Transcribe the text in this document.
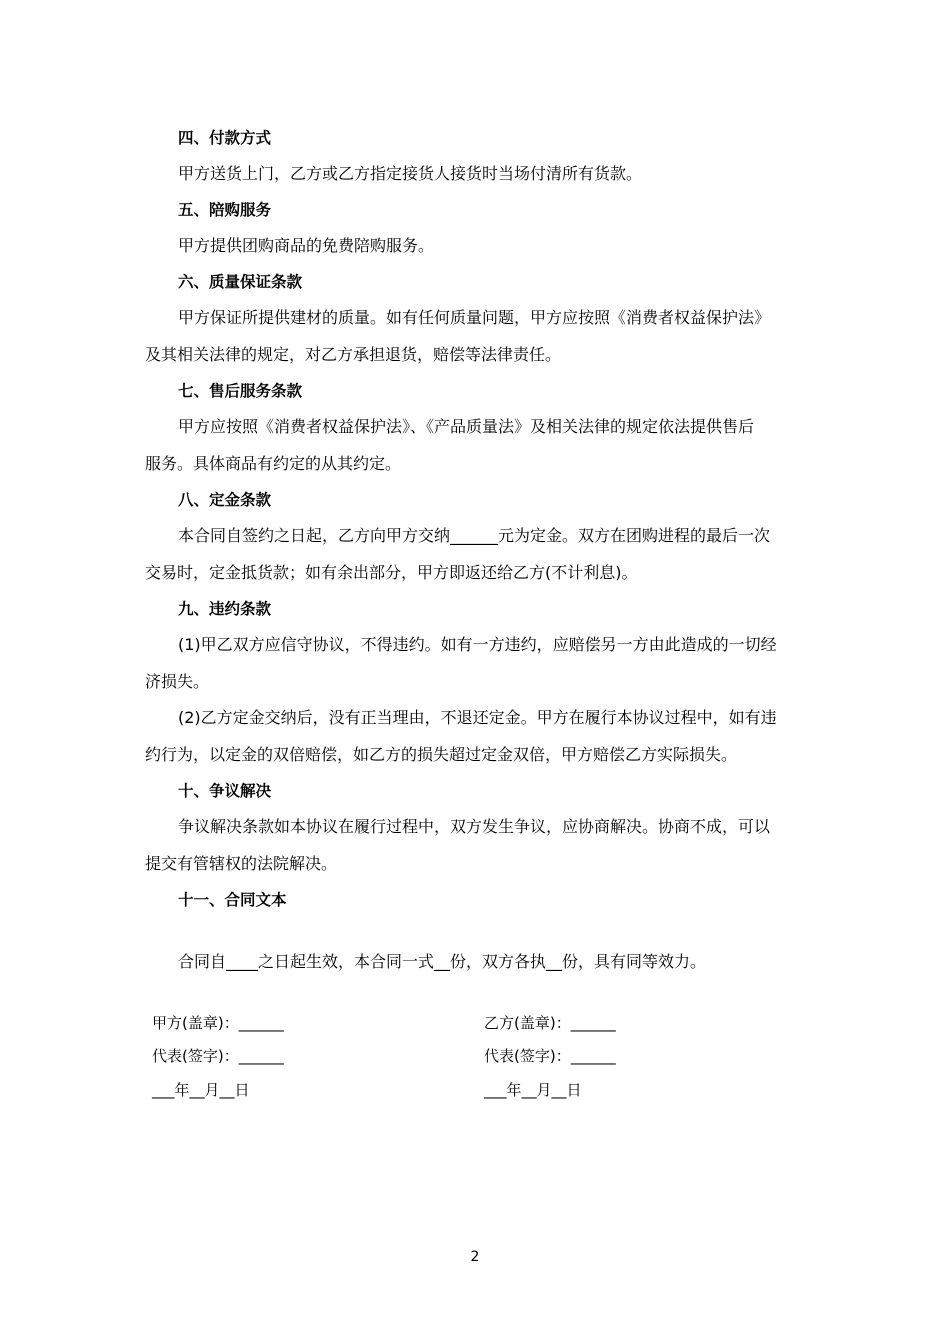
四、付款方式
甲方送货上门，乙方或乙方指定接货人接货时当场付清所有货款。
五、陪购服务
甲方提供团购商品的免费陪购服务。
六、质量保证条款
甲方保证所提供建材的质量。如有任何质量问题，甲方应按照《消费者权益保护法》
及其相关法律的规定，对乙方承担退货，赔偿等法律责任。
七、售后服务条款
甲方应按照《消费者权益保护法》、《产品质量法》及相关法律的规定依法提供售后
服务。具体商品有约定的从其约定。
八、定金条款
本合同自签约之日起，乙方向甲方交纳______元为定金。双方在团购进程的最后一次
交易时，定金抵货款；如有余出部分，甲方即返还给乙方(不计利息)。
九、违约条款
(1)甲乙双方应信守协议，不得违约。如有一方违约，应赔偿另一方由此造成的一切经
济损失。
(2)乙方定金交纳后，没有正当理由，不退还定金。甲方在履行本协议过程中，如有违
约行为，以定金的双倍赔偿，如乙方的损失超过定金双倍，甲方赔偿乙方实际损失。
十、争议解决
争议解决条款如本协议在履行过程中，双方发生争议，应协商解决。协商不成，可以
提交有管辖权的法院解决。
十一、合同文本
合同自____之日起生效，本合同一式__份，双方各执__份，具有同等效力。
甲方(盖章)：______	乙方(盖章)：______
代表(签字)：______	代表(签字)：______
___年__月__日	___年__月__日
2
